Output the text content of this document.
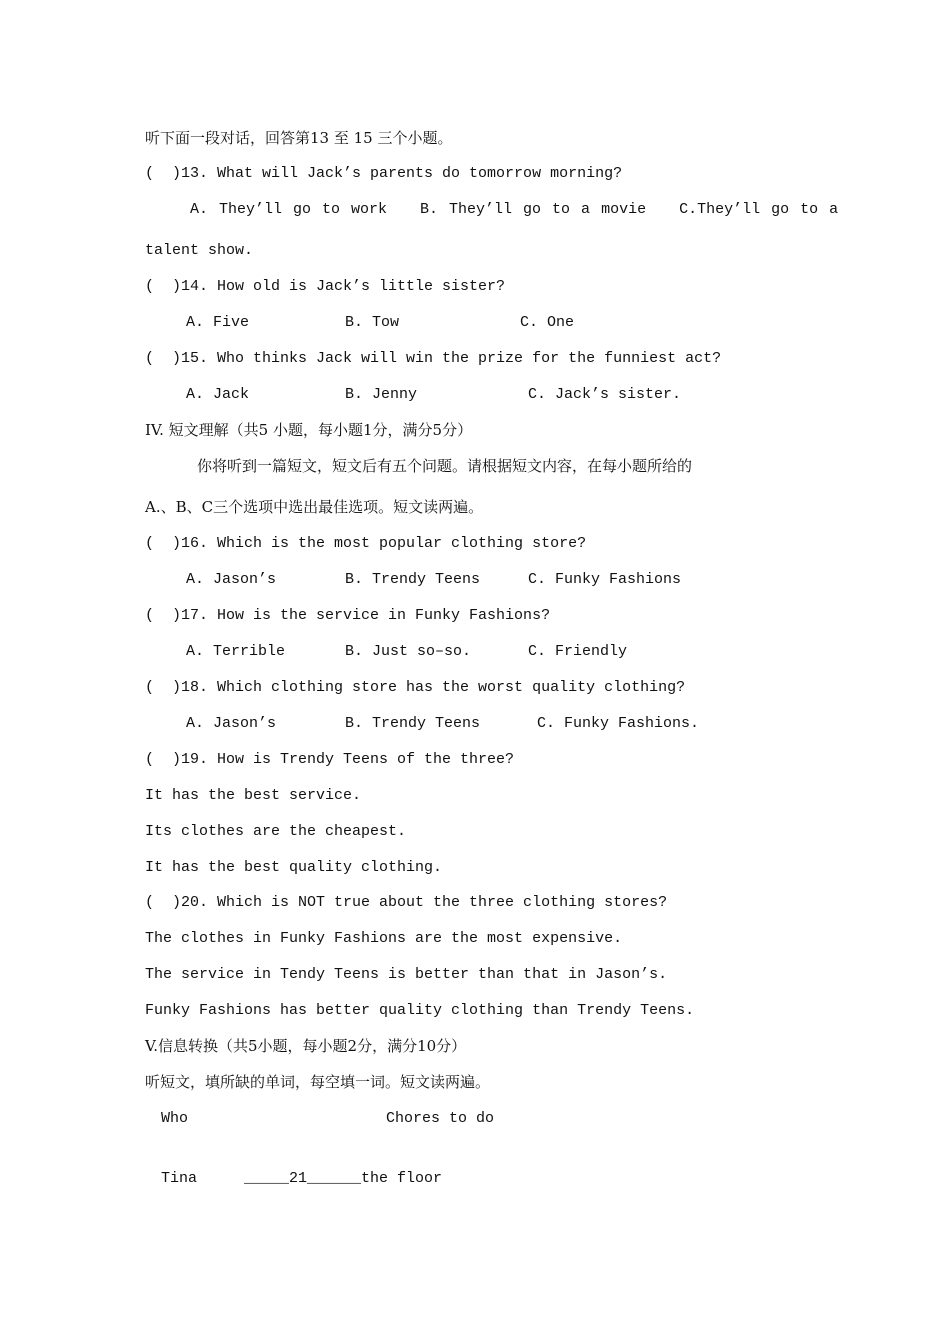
听下面一段对话，回答第13 至 15 三个小题。
(  )13. What will Jack’s parents do tomorrow morning?
A. They’ll go to work   B. They’ll go to a movie   C.They’ll go to a
talent show.
(  )14. How old is Jack’s little sister?
A. Five	B. Tow	C. One
(  )15. Who thinks Jack will win the prize for the funniest act?
A. Jack	B. Jenny	C. Jack’s sister.
IV. 短文理解（共5 小题，每小题1分，满分5分）
你将听到一篇短文，短文后有五个问题。请根据短文内容，在每小题所给的
A.、B、C三个选项中选出最佳选项。短文读两遍。
(  )16. Which is the most popular clothing store?
A. Jason’s	B. Trendy Teens	C. Funky Fashions
(  )17. How is the service in Funky Fashions?
A. Terrible	B. Just so–so.	C. Friendly
(  )18. Which clothing store has the worst quality clothing?
A. Jason’s	B. Trendy Teens	C. Funky Fashions.
(  )19. How is Trendy Teens of the three?
It has the best service.
Its clothes are the cheapest.
It has the best quality clothing.
(  )20. Which is NOT true about the three clothing stores?
The clothes in Funky Fashions are the most expensive.
The service in Tendy Teens is better than that in Jason’s.
Funky Fashions has better quality clothing than Trendy Teens.
V.信息转换（共5小题，每小题2分，满分10分）
听短文，填所缺的单词，每空填一词。短文读两遍。
Who	Chores to do
Tina	_____21______the floor
